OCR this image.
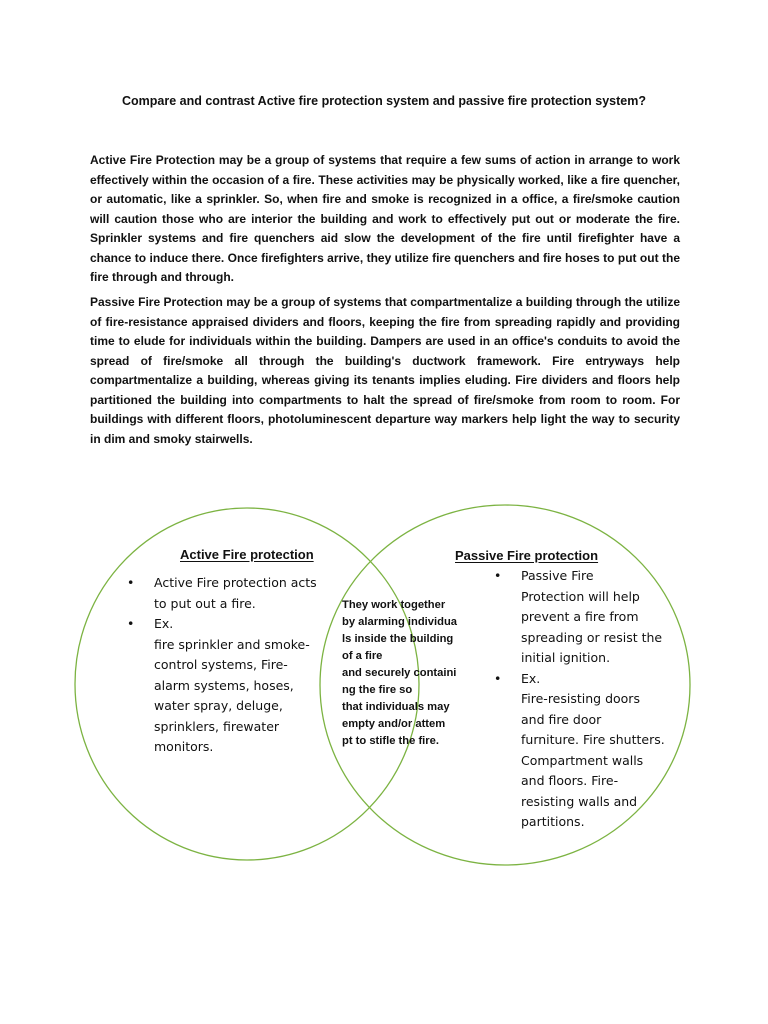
Compare and contrast Active fire protection system and passive fire protection system?

Active Fire Protection may be a group of systems that require a few sums of action in arrange to work effectively within the occasion of a fire. These activities may be physically worked, like a fire quencher, or automatic, like a sprinkler. So, when fire and smoke is recognized in a office, a fire/smoke caution will caution those who are interior the building and work to effectively put out or moderate the fire. Sprinkler systems and fire quenchers aid slow the development of the fire until firefighter have a chance to induce there. Once firefighters arrive, they utilize fire quenchers and fire hoses to put out the fire through and through.

Passive Fire Protection may be a group of systems that compartmentalize a building through the utilize of fire-resistance appraised dividers and floors, keeping the fire from spreading rapidly and providing time to elude for individuals within the building. Dampers are used in an office's conduits to avoid the spread of fire/smoke all through the building's ductwork framework. Fire entryways help compartmentalize a building, whereas giving its tenants implies eluding. Fire dividers and floors help partitioned the building into compartments to halt the spread of fire/smoke from room to room. For buildings with different floors, photoluminescent departure way markers help light the way to security in dim and smoky stairwells.

Active Fire protection	Passive Fire protection
• Active Fire protection acts
to put out a fire.
• Ex.
fire sprinkler and smoke-
control systems, Fire-
alarm systems, hoses,
water spray, deluge,
sprinklers, firewater
monitors.
• Passive Fire
Protection will help
prevent a fire from
spreading or resist the
initial ignition.
• Ex.
Fire-resisting doors
and fire door
furniture. Fire shutters.
Compartment walls
and floors. Fire-
resisting walls and
partitions.
They work together
by alarming individua
ls inside the building
of a fire
and securely containi
ng the fire so
that individuals may
empty and/or attem
pt to stifle the fire.
